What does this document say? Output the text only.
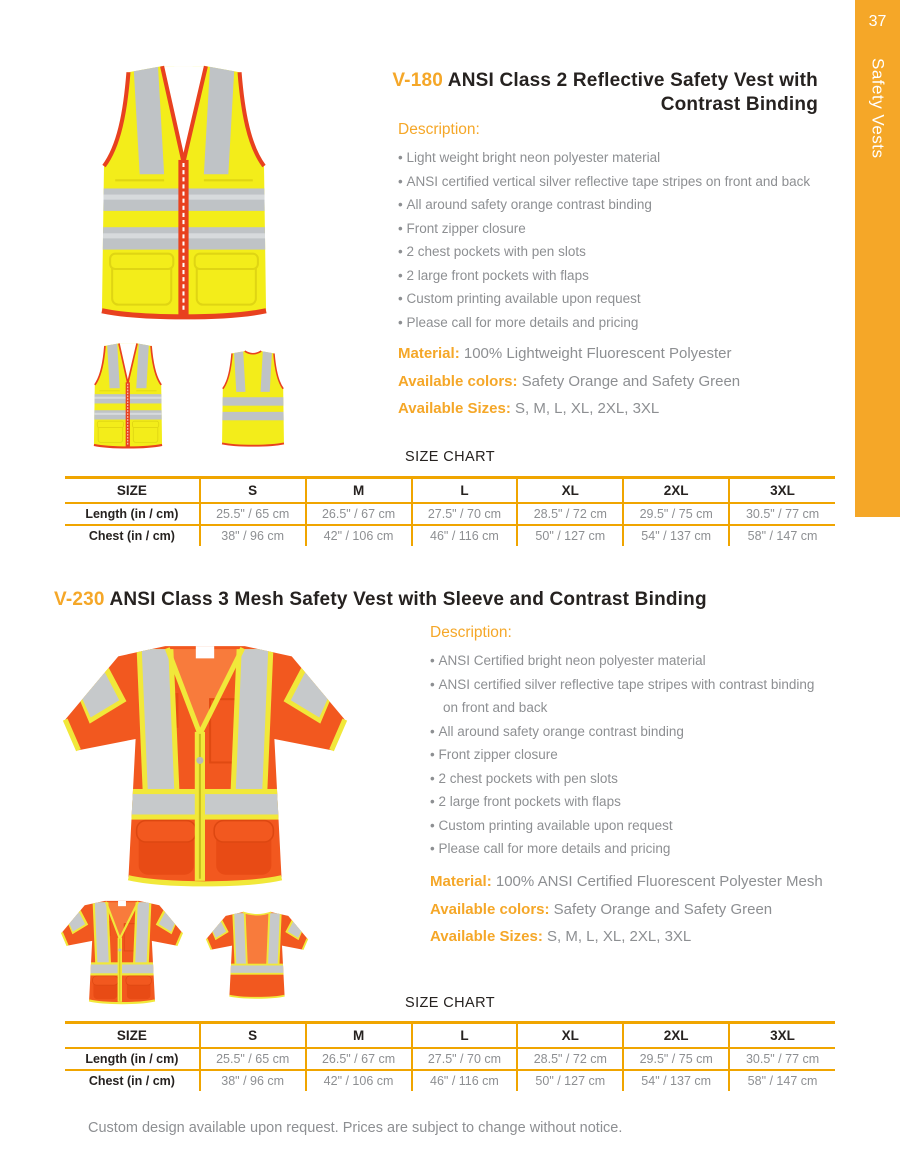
37
Safety Vests
V-180 ANSI Class 2 Reflective Safety Vest with
Contrast Binding
Description:
• Light weight bright neon polyester material
• ANSI certified vertical silver reflective tape stripes on front and back
• All around safety orange contrast binding
• Front zipper closure
• 2 chest pockets with pen slots
• 2 large front pockets with flaps
• Custom printing available upon request
• Please call for more details and pricing

Material: 100% Lightweight Fluorescent Polyester

Available colors: Safety Orange and Safety Green

Available Sizes: S, M, L, XL, 2XL, 3XL

SIZE CHART
SIZE	S	M	L	XL	2XL	3XL
Length (in / cm)	25.5" / 65 cm	26.5" / 67 cm	27.5" / 70 cm	28.5" / 72 cm	29.5" / 75 cm	30.5" / 77 cm
Chest (in / cm)	38" / 96 cm	42" / 106 cm	46" / 116 cm	50" / 127 cm	54" / 137 cm	58" / 147 cm
V-230 ANSI Class 3 Mesh Safety Vest with Sleeve and Contrast Binding
Description:
• ANSI Certified bright neon polyester material
• ANSI certified silver reflective tape stripes with contrast binding on front and back
• All around safety orange contrast binding
• Front zipper closure
• 2 chest pockets with pen slots
• 2 large front pockets with flaps
• Custom printing available upon request
• Please call for more details and pricing

Material: 100% ANSI Certified Fluorescent Polyester Mesh

Available colors: Safety Orange and Safety Green

Available Sizes: S, M, L, XL, 2XL, 3XL

SIZE CHART
SIZE	S	M	L	XL	2XL	3XL
Length (in / cm)	25.5" / 65 cm	26.5" / 67 cm	27.5" / 70 cm	28.5" / 72 cm	29.5" / 75 cm	30.5" / 77 cm
Chest (in / cm)	38" / 96 cm	42" / 106 cm	46" / 116 cm	50" / 127 cm	54" / 137 cm	58" / 147 cm
Custom design available upon request. Prices are subject to change without notice.
